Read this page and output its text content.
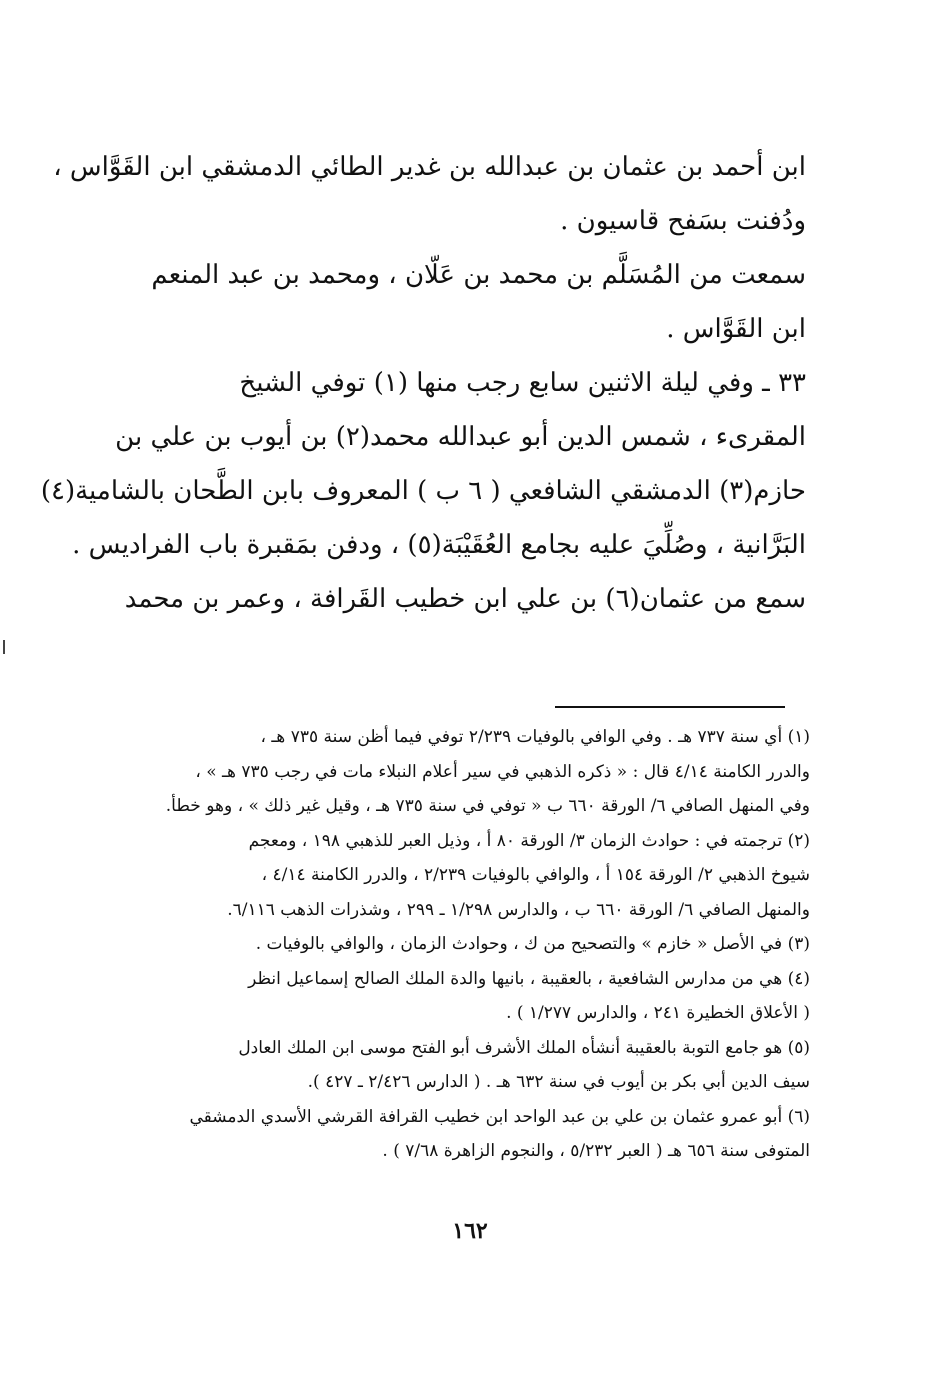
ابن أحمد بن عثمان بن عبدالله بن غدير الطائي الدمشقي ابن القَوَّاس ،
ودُفنت بسَفح قاسيون .
سمعت من المُسَلَّم بن محمد بن عَلّان ، ومحمد بن عبد المنعم
ابن القَوَّاس .
٣٣ ـ وفي ليلة الاثنين سابع رجب منها (١) توفي الشيخ
المقرىء ، شمس الدين أبو عبدالله محمد(٢) بن أيوب بن علي بن
حازم(٣) الدمشقي الشافعي ( ٦ ب ) المعروف بابن الطَّحان بالشامية(٤)
البَرَّانية ، وصُلِّيَ عليه بجامع العُقَيْبَة(٥) ، ودفن بمَقبرة باب الفراديس .
سمع من عثمان(٦) بن علي ابن خطيب القَرافة ، وعمر بن محمد
(١) أي سنة ٧٣٧ هـ . وفي الوافي بالوفيات ٢/٢٣٩ توفي فيما أظن سنة ٧٣٥ هـ ،
والدرر الكامنة ٤/١٤ قال : « ذكره الذهبي في سير أعلام النبلاء مات في رجب ٧٣٥ هـ » ،
وفي المنهل الصافي ٦/ الورقة ٦٦٠ ب « توفي في سنة ٧٣٥ هـ ، وقيل غير ذلك » ، وهو خطأ.
(٢) ترجمته في : حوادث الزمان ٣/ الورقة ٨٠ أ ، وذيل العبر للذهبي ١٩٨ ، ومعجم
شيوخ الذهبي ٢/ الورقة ١٥٤ أ ، والوافي بالوفيات ٢/٢٣٩ ، والدرر الكامنة ٤/١٤ ،
والمنهل الصافي ٦/ الورقة ٦٦٠ ب ، والدارس ١/٢٩٨ ـ ٢٩٩ ، وشذرات الذهب ٦/١١٦.
(٣) في الأصل « خازم » والتصحيح من ك ، وحوادث الزمان ، والوافي بالوفيات .
(٤) هي من مدارس الشافعية ، بالعقيبة ، بانيها والدة الملك الصالح إسماعيل انظر
( الأعلاق الخطيرة ٢٤١ ، والدارس ١/٢٧٧ ) .
(٥) هو جامع التوبة بالعقيبة أنشأه الملك الأشرف أبو الفتح موسى ابن الملك العادل
سيف الدين أبي بكر بن أيوب في سنة ٦٣٢ هـ . ( الدارس ٢/٤٢٦ ـ ٤٢٧ ).
(٦) أبو عمرو عثمان بن علي بن عبد الواحد ابن خطيب القرافة القرشي الأسدي الدمشقي
المتوفى سنة ٦٥٦ هـ ( العبر ٥/٢٣٢ ، والنجوم الزاهرة ٧/٦٨ ) .
١٦٢
